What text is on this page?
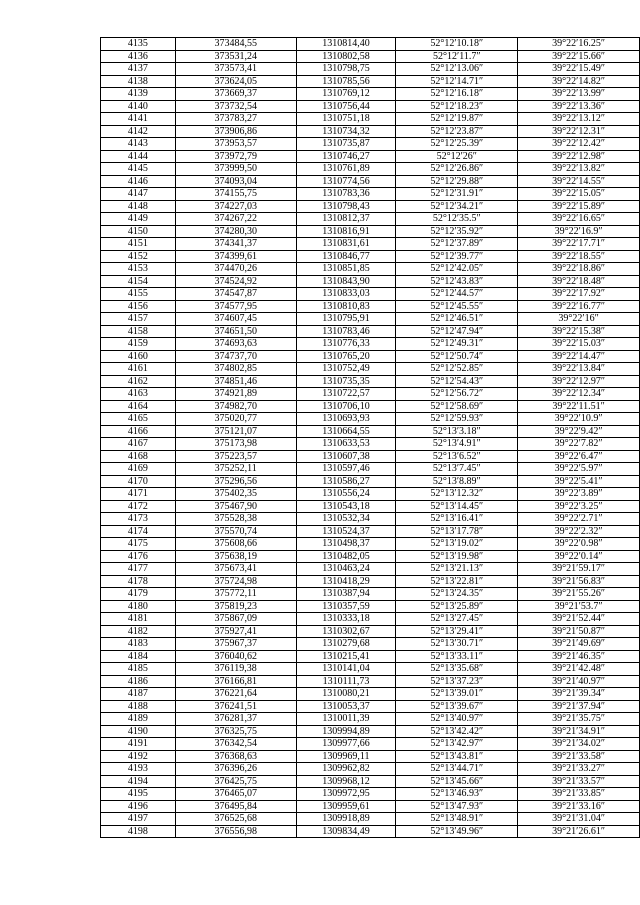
4135	373484,55	1310814,40	52°12′10.18″	39°22′16.25″
4136	373531,24	1310802,58	52°12′11.7″	39°22′15.66″
4137	373573,41	1310798,75	52°12′13.06″	39°22′15.49″
4138	373624,05	1310785,56	52°12′14.71″	39°22′14.82″
4139	373669,37	1310769,12	52°12′16.18″	39°22′13.99″
4140	373732,54	1310756,44	52°12′18.23″	39°22′13.36″
4141	373783,27	1310751,18	52°12′19.87″	39°22′13.12″
4142	373906,86	1310734,32	52°12′23.87″	39°22′12.31″
4143	373953,57	1310735,87	52°12′25.39″	39°22′12.42″
4144	373972,79	1310746,27	52°12′26″	39°22′12.98″
4145	373999,50	1310761,89	52°12′26.86″	39°22′13.82″
4146	374093,04	1310774,56	52°12′29.88″	39°22′14.55″
4147	374155,75	1310783,36	52°12′31.91″	39°22′15.05″
4148	374227,03	1310798,43	52°12′34.21″	39°22′15.89″
4149	374267,22	1310812,37	52°12′35.5″	39°22′16.65″
4150	374280,30	1310816,91	52°12′35.92″	39°22′16.9″
4151	374341,37	1310831,61	52°12′37.89″	39°22′17.71″
4152	374399,61	1310846,77	52°12′39.77″	39°22′18.55″
4153	374470,26	1310851,85	52°12′42.05″	39°22′18.86″
4154	374524,92	1310843,90	52°12′43.83″	39°22′18.48″
4155	374547,87	1310833,03	52°12′44.57″	39°22′17.92″
4156	374577,95	1310810,83	52°12′45.55″	39°22′16.77″
4157	374607,45	1310795,91	52°12′46.51″	39°22′16″
4158	374651,50	1310783,46	52°12′47.94″	39°22′15.38″
4159	374693,63	1310776,33	52°12′49.31″	39°22′15.03″
4160	374737,70	1310765,20	52°12′50.74″	39°22′14.47″
4161	374802,85	1310752,49	52°12′52.85″	39°22′13.84″
4162	374851,46	1310735,35	52°12′54.43″	39°22′12.97″
4163	374921,89	1310722,57	52°12′56.72″	39°22′12.34″
4164	374982,70	1310706,10	52°12′58.69″	39°22′11.51″
4165	375020,77	1310693,93	52°12′59.93″	39°22′10.9″
4166	375121,07	1310664,55	52°13′3.18″	39°22′9.42″
4167	375173,98	1310633,53	52°13′4.91″	39°22′7.82″
4168	375223,57	1310607,38	52°13′6.52″	39°22′6.47″
4169	375252,11	1310597,46	52°13′7.45″	39°22′5.97″
4170	375296,56	1310586,27	52°13′8.89″	39°22′5.41″
4171	375402,35	1310556,24	52°13′12.32″	39°22′3.89″
4172	375467,90	1310543,18	52°13′14.45″	39°22′3.25″
4173	375528,38	1310532,34	52°13′16.41″	39°22′2.71″
4174	375570,74	1310524,37	52°13′17.78″	39°22′2.32″
4175	375608,66	1310498,37	52°13′19.02″	39°22′0.98″
4176	375638,19	1310482,05	52°13′19.98″	39°22′0.14″
4177	375673,41	1310463,24	52°13′21.13″	39°21′59.17″
4178	375724,98	1310418,29	52°13′22.81″	39°21′56.83″
4179	375772,11	1310387,94	52°13′24.35″	39°21′55.26″
4180	375819,23	1310357,59	52°13′25.89″	39°21′53.7″
4181	375867,09	1310333,18	52°13′27.45″	39°21′52.44″
4182	375927,41	1310302,67	52°13′29.41″	39°21′50.87″
4183	375967,37	1310279,68	52°13′30.71″	39°21′49.69″
4184	376040,62	1310215,41	52°13′33.11″	39°21′46.35″
4185	376119,38	1310141,04	52°13′35.68″	39°21′42.48″
4186	376166,81	1310111,73	52°13′37.23″	39°21′40.97″
4187	376221,64	1310080,21	52°13′39.01″	39°21′39.34″
4188	376241,51	1310053,37	52°13′39.67″	39°21′37.94″
4189	376281,37	1310011,39	52°13′40.97″	39°21′35.75″
4190	376325,75	1309994,89	52°13′42.42″	39°21′34.91″
4191	376342,54	1309977,66	52°13′42.97″	39°21′34.02″
4192	376368,63	1309969,11	52°13′43.81″	39°21′33.58″
4193	376396,26	1309962,82	52°13′44.71″	39°21′33.27″
4194	376425,75	1309968,12	52°13′45.66″	39°21′33.57″
4195	376465,07	1309972,95	52°13′46.93″	39°21′33.85″
4196	376495,84	1309959,61	52°13′47.93″	39°21′33.16″
4197	376525,68	1309918,89	52°13′48.91″	39°21′31.04″
4198	376556,98	1309834,49	52°13′49.96″	39°21′26.61″
